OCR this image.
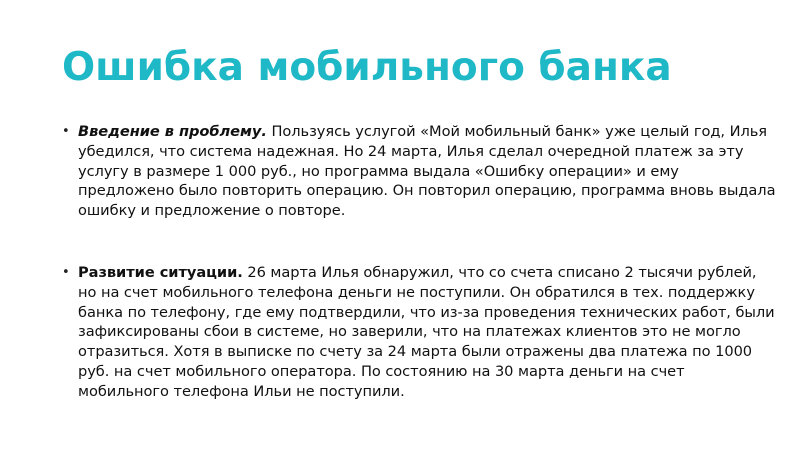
Ошибка мобильного банка
• Введение в проблему. Пользуясь услугой «Мой мобильный банк» уже целый год, Илья убедился, что система надежная. Но 24 марта, Илья сделал очередной платеж за эту услугу в размере 1 000 руб., но программа выдала «Ошибку операции» и ему предложено было повторить операцию. Он повторил операцию, программа вновь выдала ошибку и предложение о повторе.
• Развитие ситуации. 26 марта Илья обнаружил, что со счета списано 2 тысячи рублей, но на счет мобильного телефона деньги не поступили. Он обратился в тех. поддержку банка по телефону, где ему подтвердили, что из-за проведения технических работ, были зафиксированы сбои в системе, но заверили, что на платежах клиентов это не могло отразиться. Хотя в выписке по счету за 24 марта были отражены два платежа по 1000 руб. на счет мобильного оператора. По состоянию на 30 марта деньги на счет мобильного телефона Ильи не поступили.
